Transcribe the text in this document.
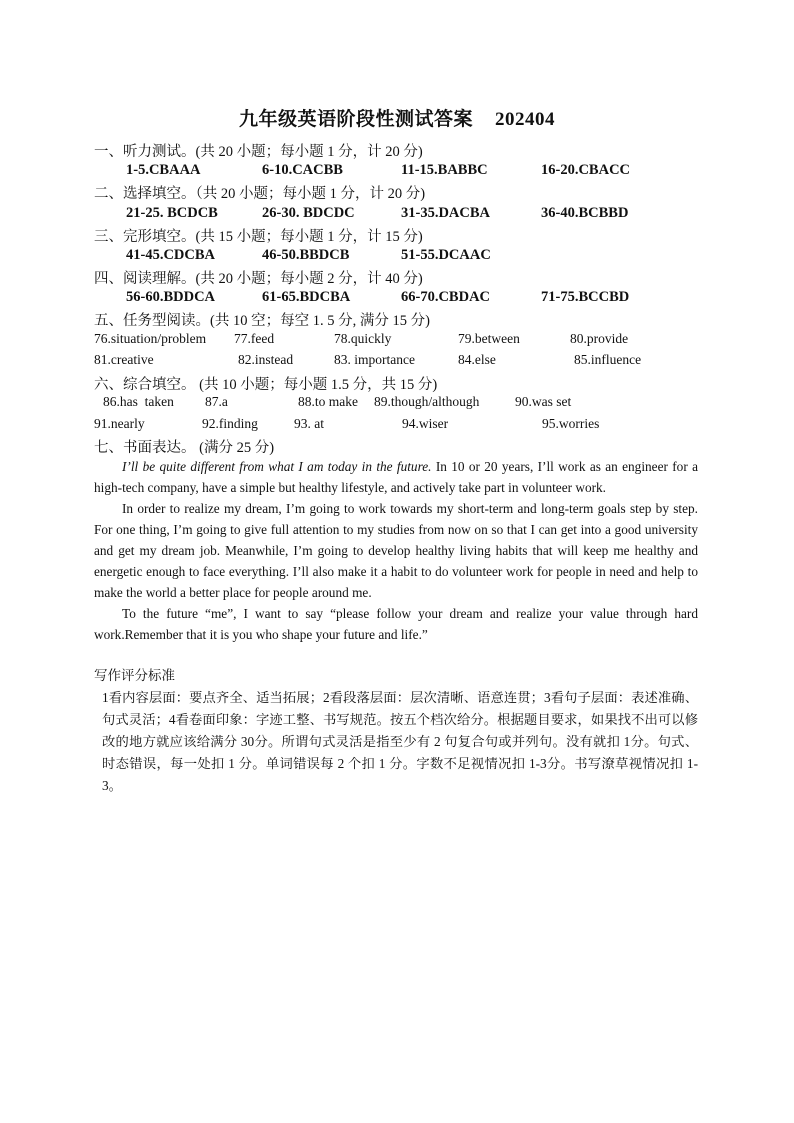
九年级英语阶段性测试答案 202404
一、听力测试。(共 20 小题；每小题 1 分，计 20 分)
1-5.CBAAA	6-10.CACBB	11-15.BABBC	16-20.CBACC
二、选择填空。（共 20 小题；每小题 1 分，计 20 分)
21-25. BCDCB	26-30. BDCDC	31-35.DACBA	36-40.BCBBD
三、完形填空。(共 15 小题；每小题 1 分，计 15 分)
41-45.CDCBA	46-50.BBDCB	51-55.DCAAC
四、阅读理解。(共 20 小题；每小题 2 分，计 40 分)
56-60.BDDCA	61-65.BDCBA	66-70.CBDAC	71-75.BCCBD
五、任务型阅读。(共 10 空；每空 1. 5 分, 满分 15 分)
76.situation/problem 77.feed	78.quickly	79.between	80.provide
81.creative	82.instead	83. importance	84.else	85.influence
六、综合填空。 (共 10 小题；每小题 1.5 分，共 15 分)
86.has  taken 87.a	88.to make 89.though/although	90.was set
91.nearly	92.finding	93. at	94.wiser	95.worries
七、书面表达。 (满分 25 分)

I’ll be quite different from what I am today in the future. In 10 or 20 years, I’ll work as an engineer for a high-tech company, have a simple but healthy lifestyle, and actively take part in volunteer work.

In order to realize my dream, I’m going to work towards my short-term and long-term goals step by step. For one thing, I’m going to give full attention to my studies from now on so that I can get into a good university and get my dream job. Meanwhile, I’m going to develop healthy living habits that will keep me healthy and energetic enough to face everything. I’ll also make it a habit to do volunteer work for people in need and help to make the world a better place for people around me.

To the future “me”, I want to say “please follow your dream and realize your value through hard work.Remember that it is you who shape your future and life.”

写作评分标准
1看内容层面：要点齐全、适当拓展；2看段落层面：层次清晰、语意连贯；3看句子层面：表述准确、句式灵活；4看卷面印象：字迹工整、书写规范。按五个档次给分。根据题目要求，如果找不出可以修改的地方就应该给满分 30分。所谓句式灵活是指至少有 2 句复合句或并列句。没有就扣 1分。句式、时态错误，每一处扣 1 分。单词错误每 2 个扣 1 分。字数不足视情况扣 1-3分。书写潦草视情况扣 1-3。
